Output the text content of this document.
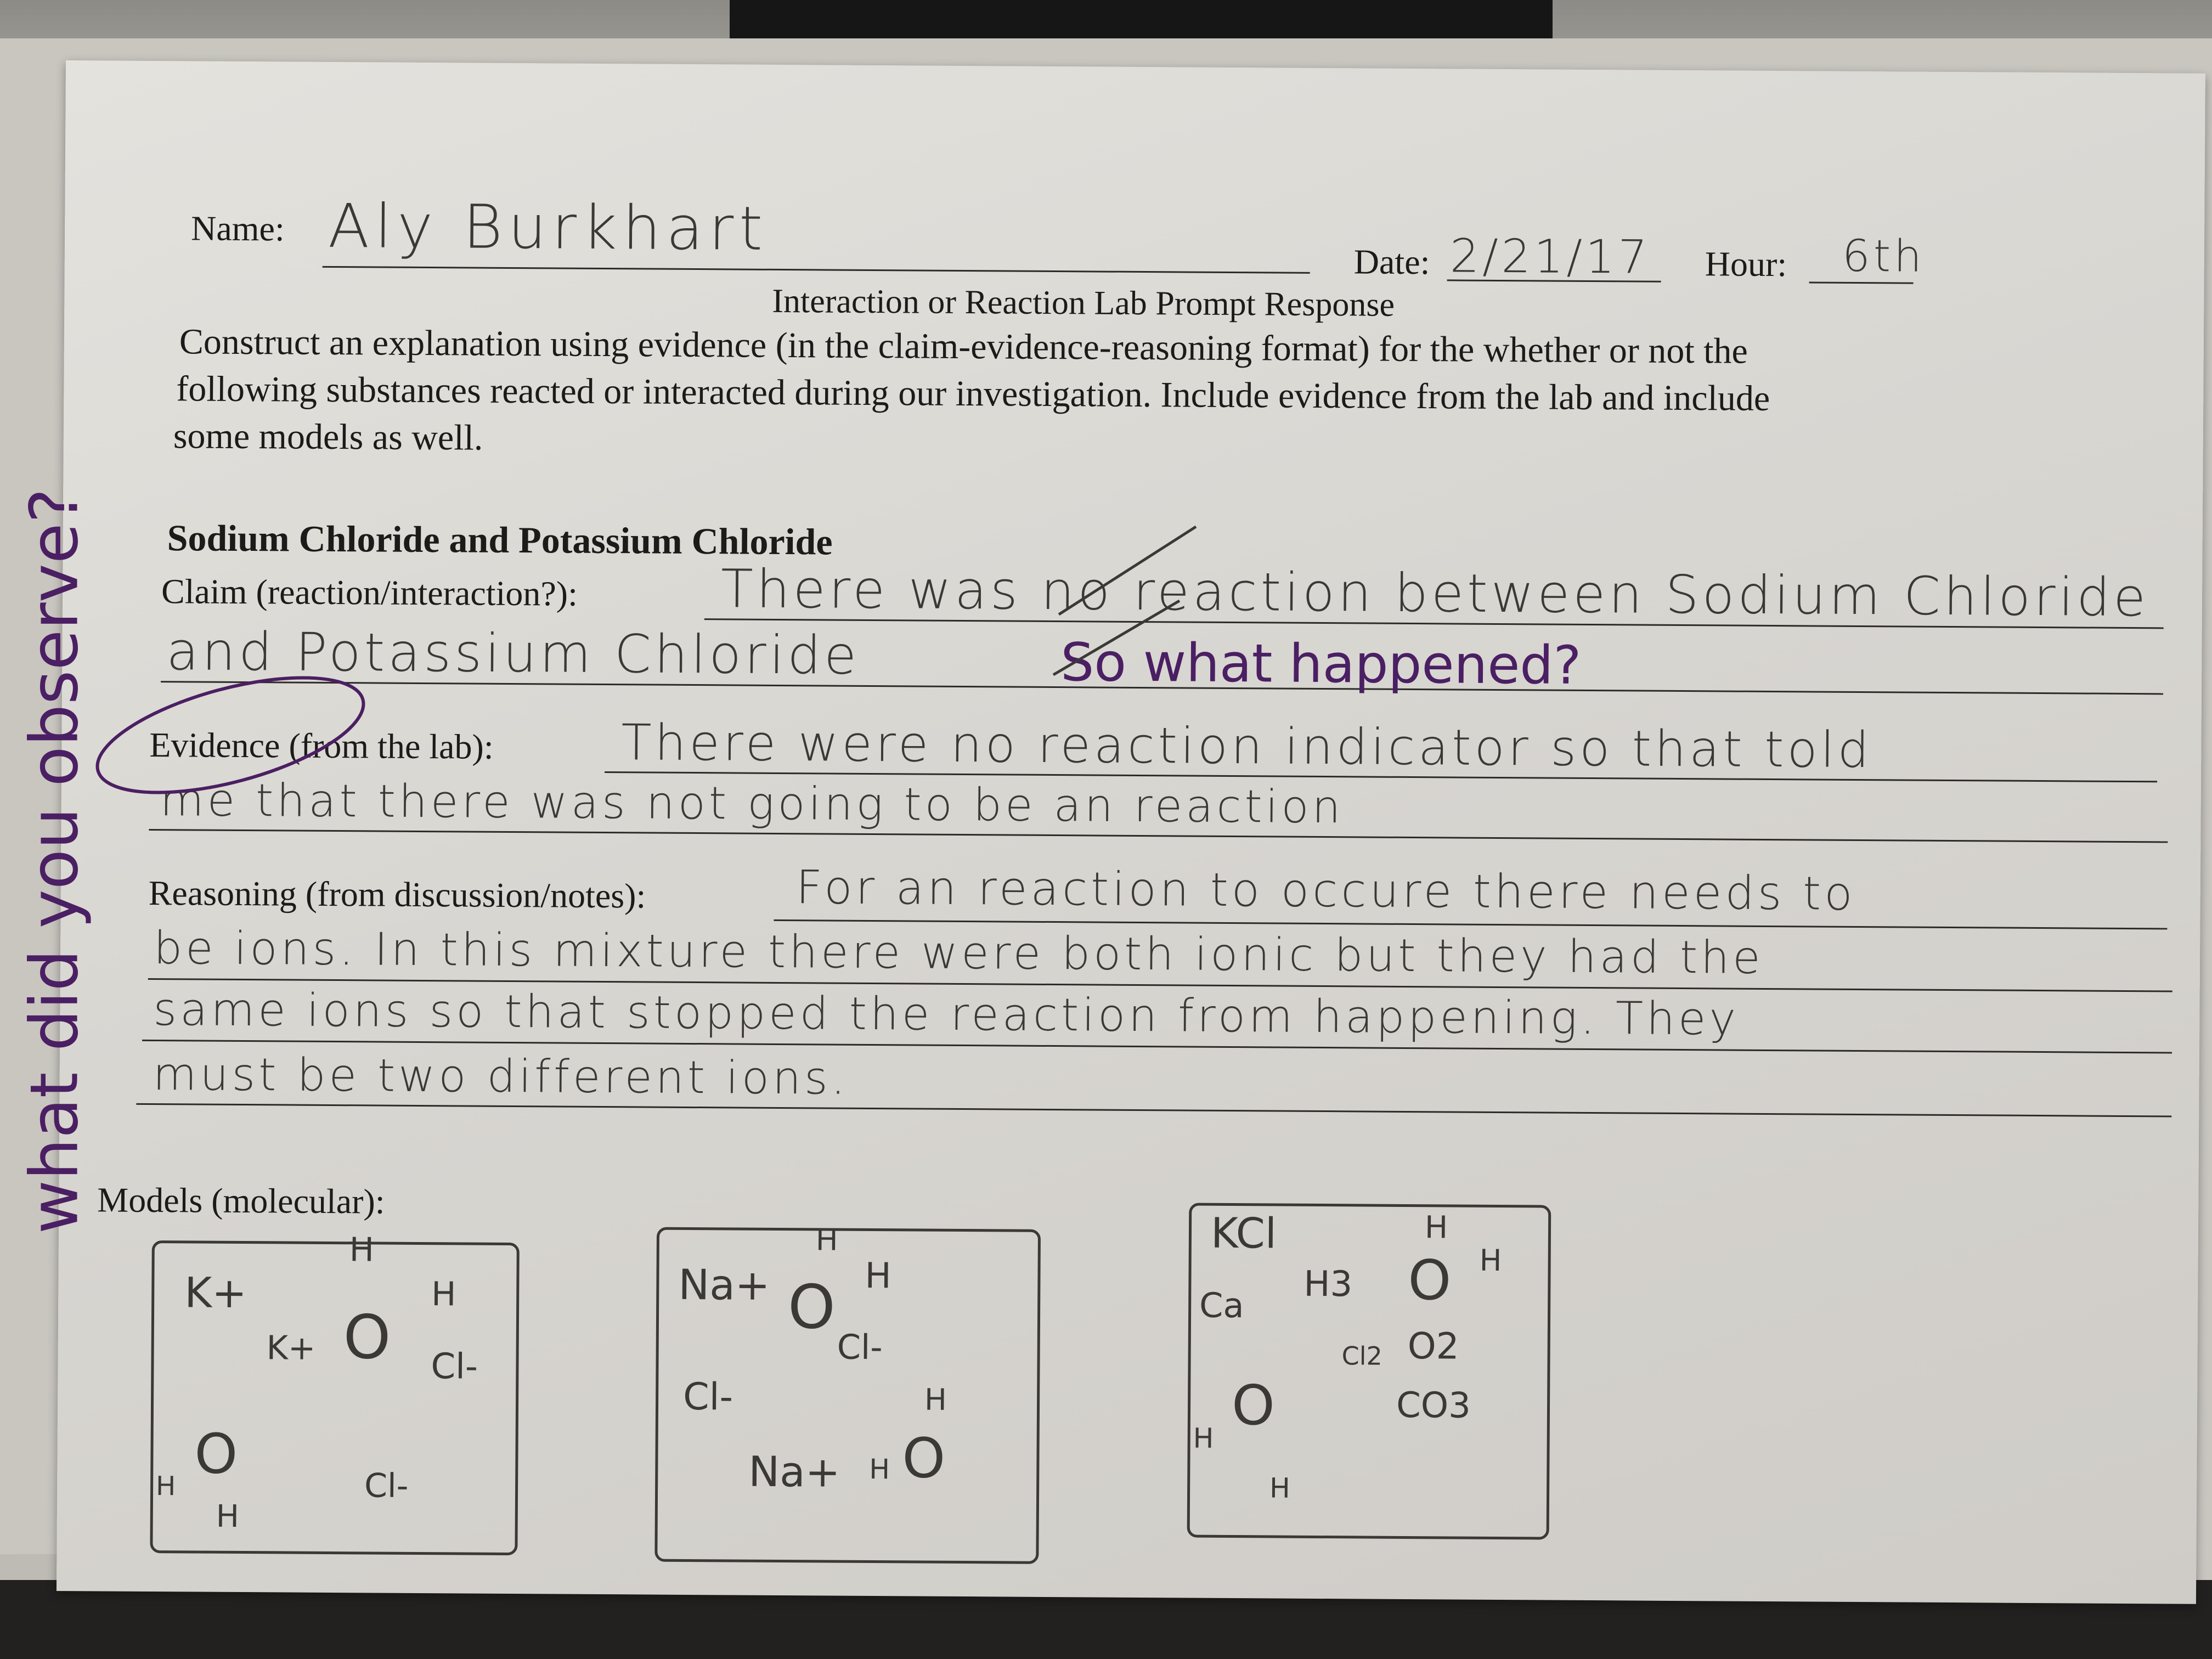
Name: Aly Burkhart	Date: 2/21/17 Hour: 6th
Interaction or Reaction Lab Prompt Response
Construct an explanation using evidence (in the claim-evidence-reasoning format) for the whether or not the
following substances reacted or interacted during our investigation. Include evidence from the lab and include
some models as well.
Sodium Chloride and Potassium Chloride
Claim (reaction/interaction?):	There was no reaction between Sodium Chloride
and Potassium Chloride	So what happened?
Evidence (from the lab):	There were no reaction indicator so that told
me that there was not going to be an reaction
Reasoning (from discussion/notes):	For an reaction to occure there needs to
be ions. In this mixture there were both ionic but they had the
same ions so that stopped the reaction from happening. They
must be two different ions.
Models (molecular):
K+
H
K+ O
H
Cl-
O
H
H
Cl-
Na+ O H
H
Cl-
Cl-
Na+
H
O
H
KCl	H
Ca
H3 O H
Cl2 O2
O
H
H
CO3
what did you observe?
